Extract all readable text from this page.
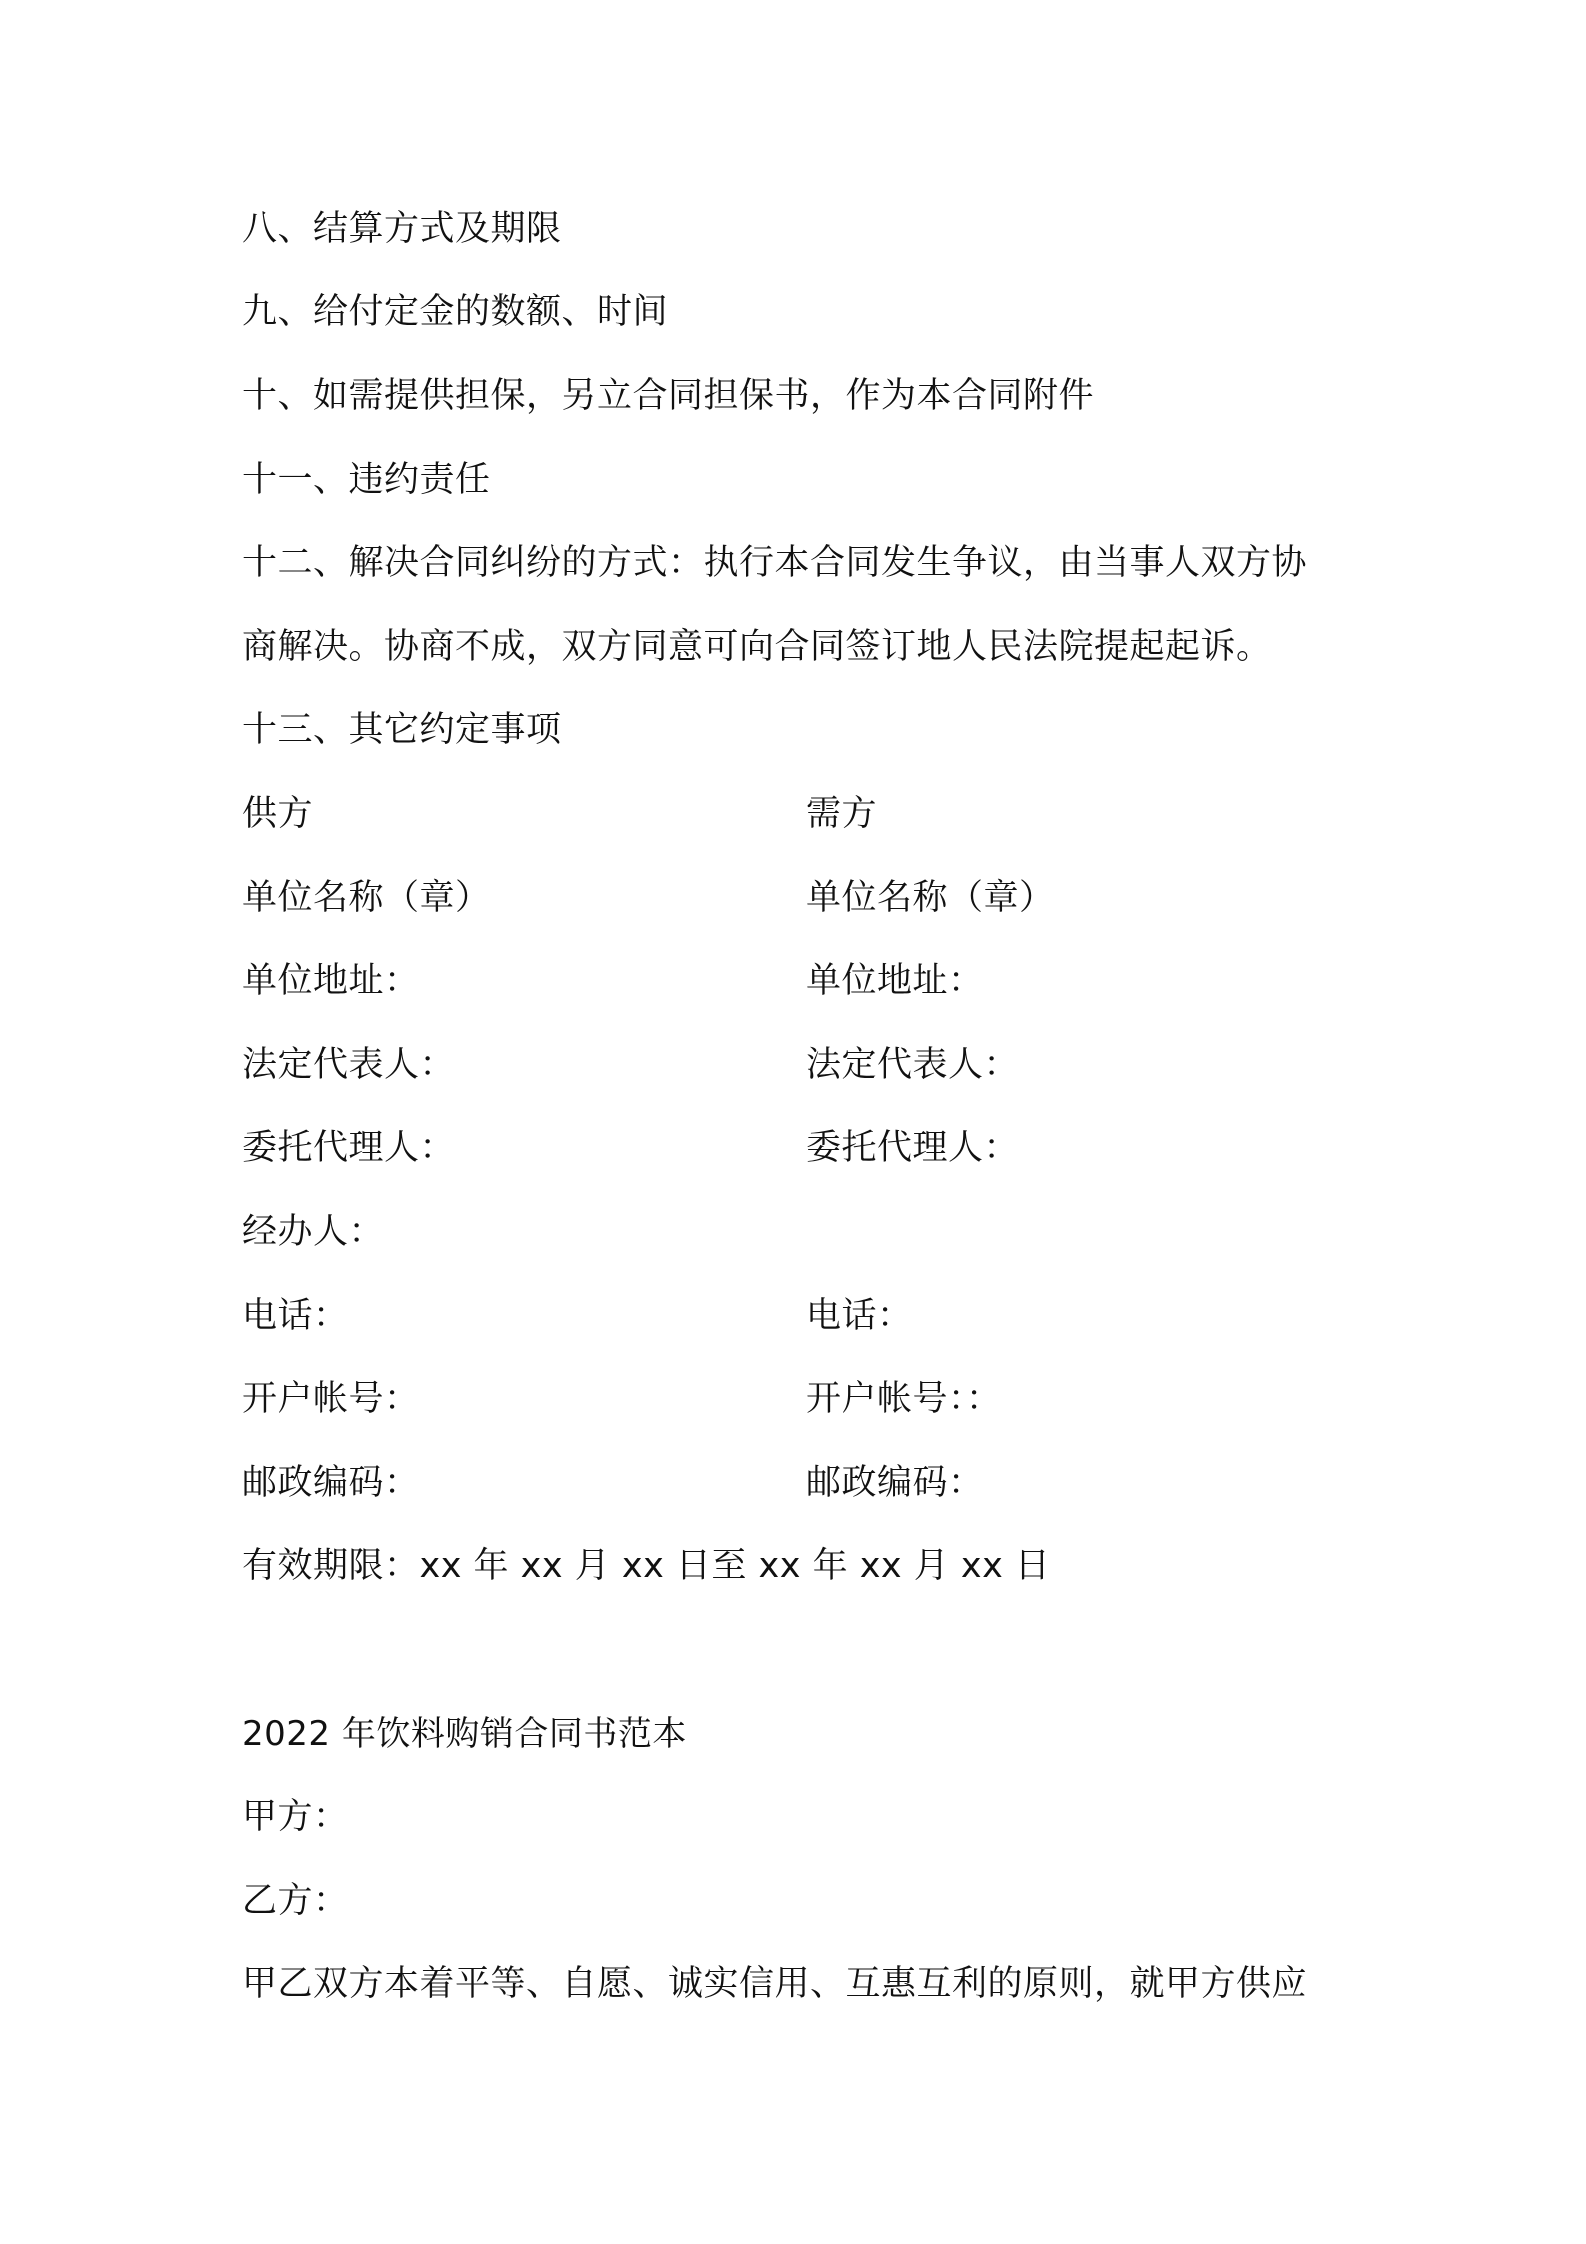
八、结算方式及期限
九、给付定金的数额、时间
十、如需提供担保，另立合同担保书，作为本合同附件
十一、违约责任
十二、解决合同纠纷的方式：执行本合同发生争议，由当事人双方协
商解决。协商不成，双方同意可向合同签订地人民法院提起起诉。
十三、其它约定事项
供方	需方
单位名称（章）	单位名称（章）
单位地址：	单位地址：
法定代表人：	法定代表人：
委托代理人：	委托代理人：
经办人：
电话：	电话：
开户帐号：	开户帐号：：
邮政编码：	邮政编码：
有效期限：xx 年 xx 月 xx 日至 xx 年 xx 月 xx 日
2022 年饮料购销合同书范本
甲方：
乙方：
甲乙双方本着平等、自愿、诚实信用、互惠互利的原则，就甲方供应
